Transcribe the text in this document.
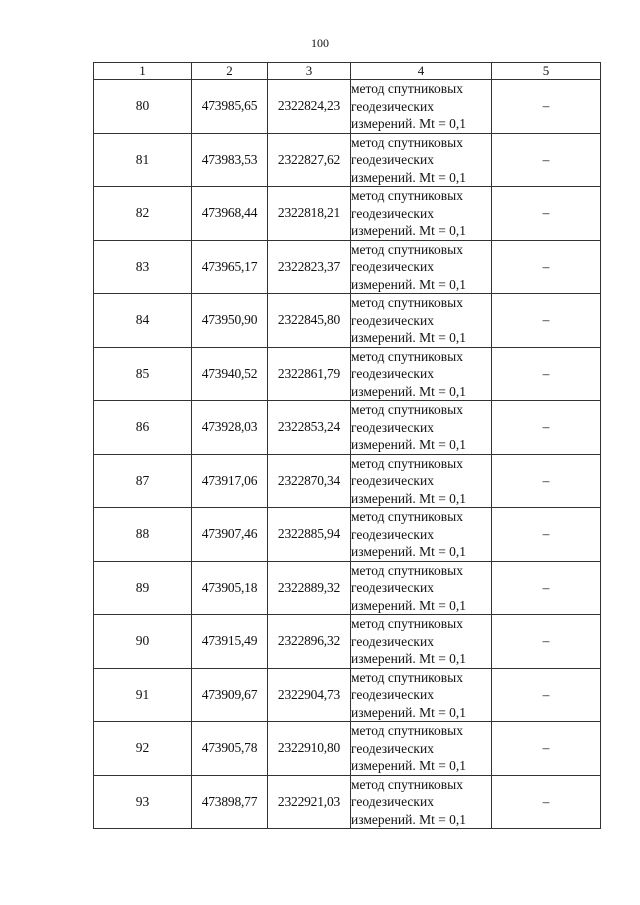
100
1	2	3	4	5
80	473985,65	2322824,23	метод спутниковых
геодезических
измерений. Mt = 0,1	–
81	473983,53	2322827,62	метод спутниковых
геодезических
измерений. Mt = 0,1	–
82	473968,44	2322818,21	метод спутниковых
геодезических
измерений. Mt = 0,1	–
83	473965,17	2322823,37	метод спутниковых
геодезических
измерений. Mt = 0,1	–
84	473950,90	2322845,80	метод спутниковых
геодезических
измерений. Mt = 0,1	–
85	473940,52	2322861,79	метод спутниковых
геодезических
измерений. Mt = 0,1	–
86	473928,03	2322853,24	метод спутниковых
геодезических
измерений. Mt = 0,1	–
87	473917,06	2322870,34	метод спутниковых
геодезических
измерений. Mt = 0,1	–
88	473907,46	2322885,94	метод спутниковых
геодезических
измерений. Mt = 0,1	–
89	473905,18	2322889,32	метод спутниковых
геодезических
измерений. Mt = 0,1	–
90	473915,49	2322896,32	метод спутниковых
геодезических
измерений. Mt = 0,1	–
91	473909,67	2322904,73	метод спутниковых
геодезических
измерений. Mt = 0,1	–
92	473905,78	2322910,80	метод спутниковых
геодезических
измерений. Mt = 0,1	–
93	473898,77	2322921,03	метод спутниковых
геодезических
измерений. Mt = 0,1	–
